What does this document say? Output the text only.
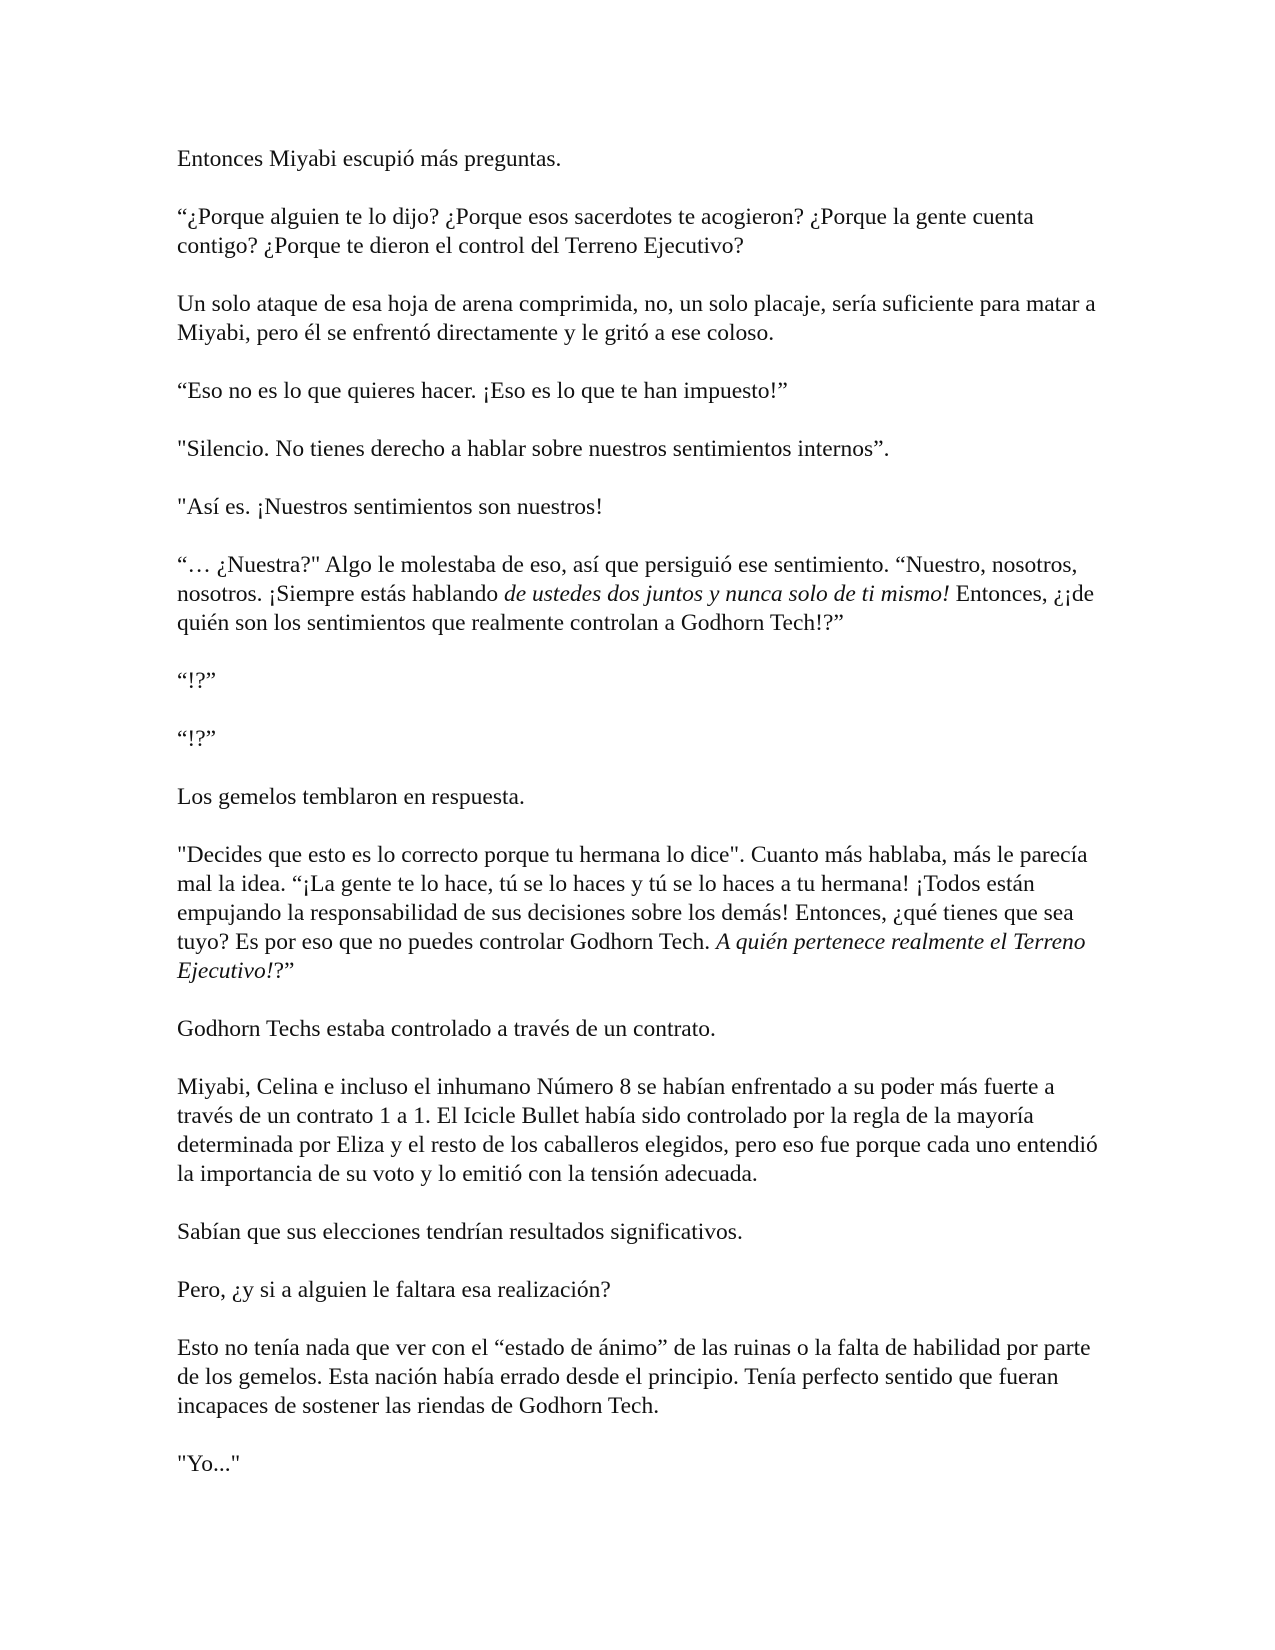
Entonces Miyabi escupió más preguntas.

“¿Porque alguien te lo dijo? ¿Porque esos sacerdotes te acogieron? ¿Porque la gente cuenta contigo? ¿Porque te dieron el control del Terreno Ejecutivo?

Un solo ataque de esa hoja de arena comprimida, no, un solo placaje, sería suficiente para matar a Miyabi, pero él se enfrentó directamente y le gritó a ese coloso.

“Eso no es lo que quieres hacer. ¡Eso es lo que te han impuesto!”

"Silencio. No tienes derecho a hablar sobre nuestros sentimientos internos”.

"Así es. ¡Nuestros sentimientos son nuestros!

“… ¿Nuestra?" Algo le molestaba de eso, así que persiguió ese sentimiento. “Nuestro, nosotros, nosotros. ¡Siempre estás hablando de ustedes dos juntos y nunca solo de ti mismo! Entonces, ¿¡de quién son los sentimientos que realmente controlan a Godhorn Tech!?”

“!?”

“!?”

Los gemelos temblaron en respuesta.

"Decides que esto es lo correcto porque tu hermana lo dice". Cuanto más hablaba, más le parecía mal la idea. “¡La gente te lo hace, tú se lo haces y tú se lo haces a tu hermana! ¡Todos están empujando la responsabilidad de sus decisiones sobre los demás! Entonces, ¿qué tienes que sea tuyo? Es por eso que no puedes controlar Godhorn Tech. A quién pertenece realmente el Terreno Ejecutivo!?”

Godhorn Techs estaba controlado a través de un contrato.

Miyabi, Celina e incluso el inhumano Número 8 se habían enfrentado a su poder más fuerte a través de un contrato 1 a 1. El Icicle Bullet había sido controlado por la regla de la mayoría determinada por Eliza y el resto de los caballeros elegidos, pero eso fue porque cada uno entendió la importancia de su voto y lo emitió con la tensión adecuada.

Sabían que sus elecciones tendrían resultados significativos.

Pero, ¿y si a alguien le faltara esa realización?

Esto no tenía nada que ver con el “estado de ánimo” de las ruinas o la falta de habilidad por parte de los gemelos. Esta nación había errado desde el principio. Tenía perfecto sentido que fueran incapaces de sostener las riendas de Godhorn Tech.

"Yo..."
